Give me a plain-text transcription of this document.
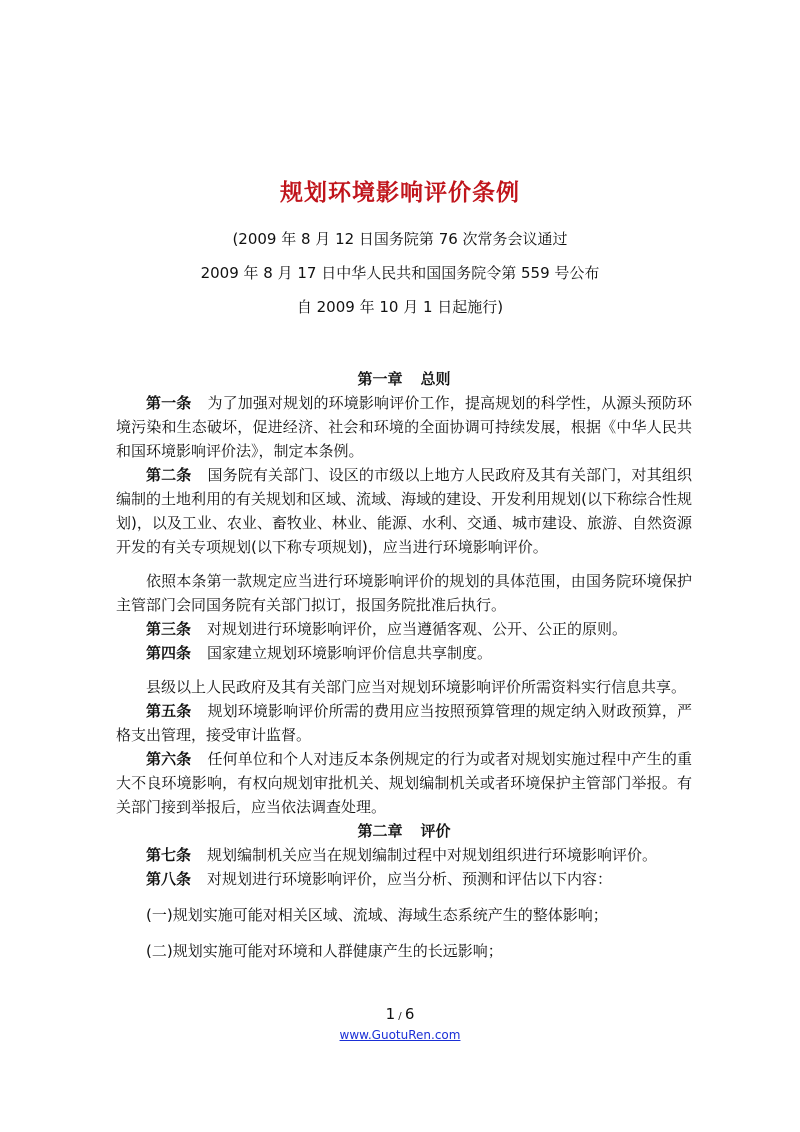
规划环境影响评价条例
(2009 年 8 月 12 日国务院第 76 次常务会议通过
2009 年 8 月 17 日中华人民共和国国务院令第 559 号公布
自 2009 年 10 月 1 日起施行)
第一章 总则

第一条 为了加强对规划的环境影响评价工作，提高规划的科学性，从源头预防环境污染和生态破坏，促进经济、社会和环境的全面协调可持续发展，根据《中华人民共和国环境影响评价法》，制定本条例。

第二条 国务院有关部门、设区的市级以上地方人民政府及其有关部门，对其组织编制的土地利用的有关规划和区域、流域、海域的建设、开发利用规划(以下称综合性规划)，以及工业、农业、畜牧业、林业、能源、水利、交通、城市建设、旅游、自然资源开发的有关专项规划(以下称专项规划)，应当进行环境影响评价。

依照本条第一款规定应当进行环境影响评价的规划的具体范围，由国务院环境保护主管部门会同国务院有关部门拟订，报国务院批准后执行。

第三条 对规划进行环境影响评价，应当遵循客观、公开、公正的原则。

第四条 国家建立规划环境影响评价信息共享制度。

县级以上人民政府及其有关部门应当对规划环境影响评价所需资料实行信息共享。

第五条 规划环境影响评价所需的费用应当按照预算管理的规定纳入财政预算，严格支出管理，接受审计监督。

第六条 任何单位和个人对违反本条例规定的行为或者对规划实施过程中产生的重大不良环境影响，有权向规划审批机关、规划编制机关或者环境保护主管部门举报。有关部门接到举报后，应当依法调查处理。

第二章 评价

第七条 规划编制机关应当在规划编制过程中对规划组织进行环境影响评价。

第八条 对规划进行环境影响评价，应当分析、预测和评估以下内容：

(一)规划实施可能对相关区域、流域、海域生态系统产生的整体影响；

(二)规划实施可能对环境和人群健康产生的长远影响；

1 / 6
www.GuotuRen.com
